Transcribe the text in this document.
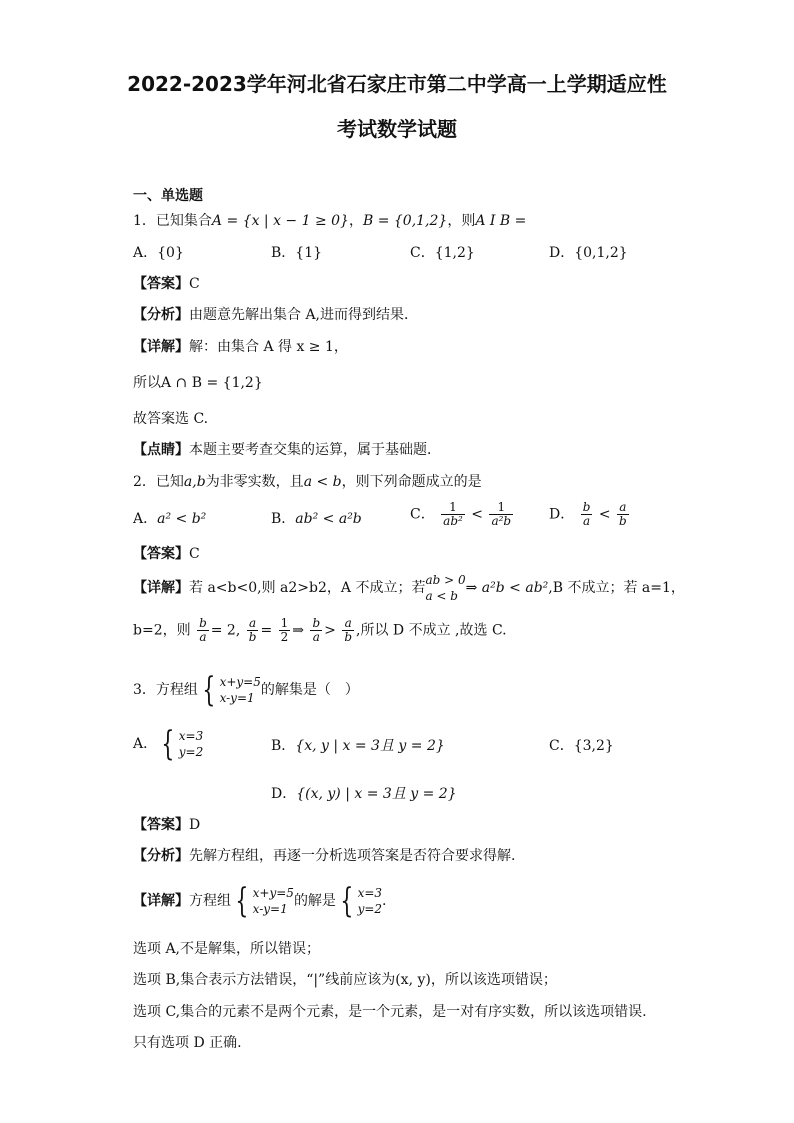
2022-2023学年河北省石家庄市第二中学高一上学期适应性
考试数学试题
一、单选题
1．已知集合A = {x | x − 1 ≥ 0}，B = {0,1,2}，则A I B =
A．{0}	B．{1}	C．{1,2}	D．{0,1,2}
【答案】C
【分析】由题意先解出集合 A,进而得到结果．
【详解】解：由集合 A 得 x ≥ 1，
所以A ∩ B = {1,2}
故答案选 C.
【点睛】本题主要考查交集的运算，属于基础题．
2．已知a,b为非零实数，且a < b，则下列命题成立的是
A．a² < b²	B．ab² < a²b	C． $\frac{1}{\text{ab²}} < \frac{1}{\text{a²b}}$	D． $\frac{b}{a} < \frac{a}{b}$
【答案】C
【详解】若 a<b<0,则 a2>b2，A 不成立；若 ab > 0
a < b ⇒ a²b < ab²,B 不成立；若 a=1，
b=2，则 $\frac{b}{a} = 2$, $\frac{a}{b} = \frac{1}{2}$ ⇒ $\frac{b}{a} > \frac{a}{b}$ ,所以 D 不成立 ,故选 C.
3．方程组 { x+y=5
x-y=1 的解集是（　）
A． { x=3
y=2	B．{x, y | x = 3且 y = 2}	C．{3,2}
D．{(x, y) | x = 3且 y = 2}
【答案】D
【分析】先解方程组，再逐一分析选项答案是否符合要求得解.
【详解】方程组 { x+y=5
x-y=1 的解是 { x=3
y=2 .
选项 A,不是解集，所以错误；
选项 B,集合表示方法错误，“|”线前应该为(x, y)，所以该选项错误；
选项 C,集合的元素不是两个元素，是一个元素，是一对有序实数，所以该选项错误.
只有选项 D 正确.
